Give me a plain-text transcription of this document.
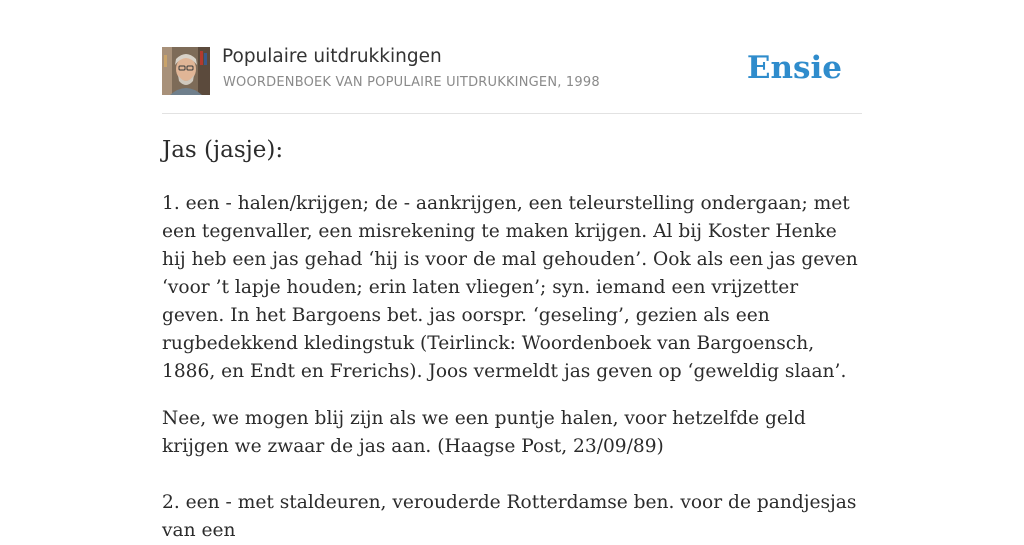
Populaire uitdrukkingen
WOORDENBOEK VAN POPULAIRE UITDRUKKINGEN, 1998	Ensie
Jas (jasje):

1. een - halen/krijgen; de - aankrijgen, een teleurstelling ondergaan; met een tegenvaller, een misrekening te maken krijgen. Al bij Koster Henke hij heb een jas gehad ‘hij is voor de mal gehouden’. Ook als een jas geven ‘voor ’t lapje houden; erin laten vliegen’; syn. iemand een vrijzetter geven. In het Bargoens bet. jas oorspr. ‘geseling’, gezien als een rugbedekkend kledingstuk (Teirlinck: Woordenboek van Bargoensch, 1886, en Endt en Frerichs). Joos vermeldt jas geven op ‘geweldig slaan’.

Nee, we mogen blij zijn als we een puntje halen, voor hetzelfde geld krijgen we zwaar de jas aan. (Haagse Post, 23/09/89)

2. een - met staldeuren, verouderde Rotterdamse ben. voor de pandjesjas van een
